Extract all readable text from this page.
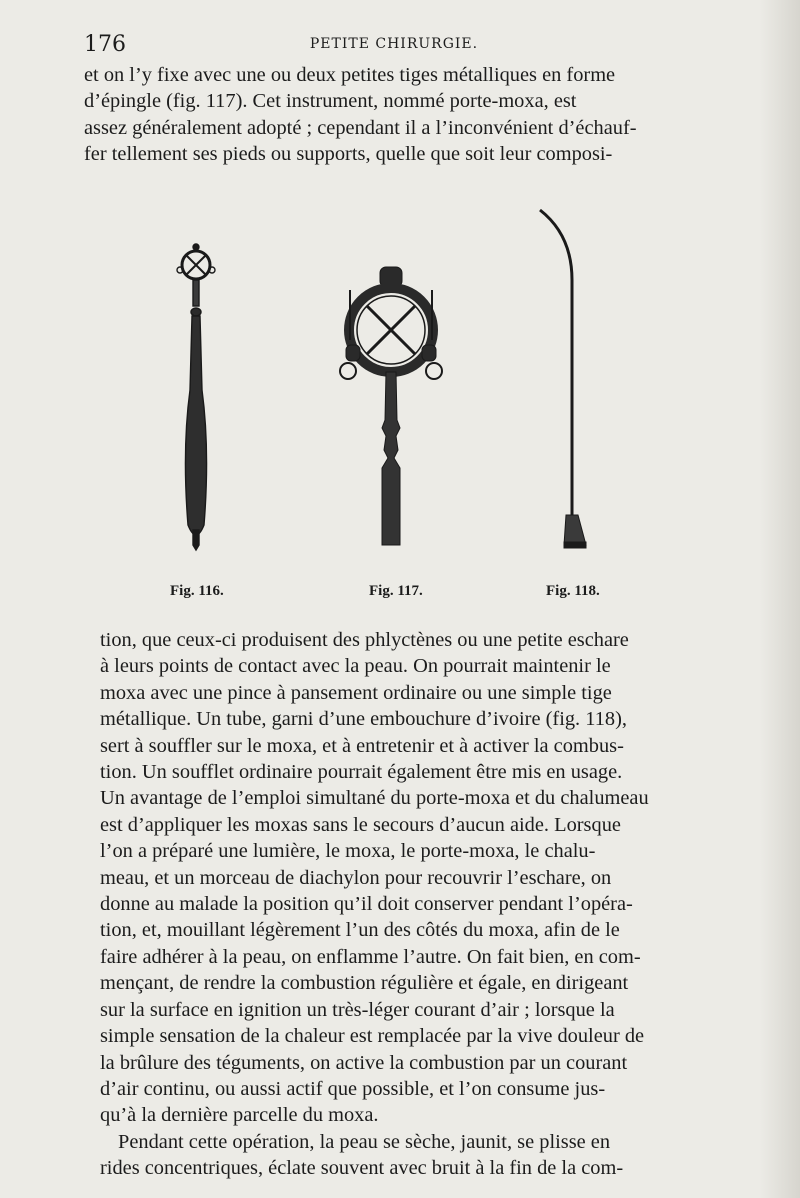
176	PETITE CHIRURGIE.

et on l’y fixe avec une ou deux petites tiges métalliques en forme
d’épingle (fig. 117). Cet instrument, nommé porte-moxa, est
assez généralement adopté ; cependant il a l’inconvénient d’échauf-
fer tellement ses pieds ou supports, quelle que soit leur composi-

Fig. 116.	Fig. 117.	Fig. 118.

tion, que ceux-ci produisent des phlyctènes ou une petite eschare
à leurs points de contact avec la peau. On pourrait maintenir le
moxa avec une pince à pansement ordinaire ou une simple tige
métallique. Un tube, garni d’une embouchure d’ivoire (fig. 118),
sert à souffler sur le moxa, et à entretenir et à activer la combus-
tion. Un soufflet ordinaire pourrait également être mis en usage.
Un avantage de l’emploi simultané du porte-moxa et du chalumeau
est d’appliquer les moxas sans le secours d’aucun aide. Lorsque
l’on a préparé une lumière, le moxa, le porte-moxa, le chalu-
meau, et un morceau de diachylon pour recouvrir l’eschare, on
donne au malade la position qu’il doit conserver pendant l’opéra-
tion, et, mouillant légèrement l’un des côtés du moxa, afin de le
faire adhérer à la peau, on enflamme l’autre. On fait bien, en com-
mençant, de rendre la combustion régulière et égale, en dirigeant
sur la surface en ignition un très-léger courant d’air ; lorsque la
simple sensation de la chaleur est remplacée par la vive douleur de
la brûlure des téguments, on active la combustion par un courant
d’air continu, ou aussi actif que possible, et l’on consume jus-
qu’à la dernière parcelle du moxa.
Pendant cette opération, la peau se sèche, jaunit, se plisse en
rides concentriques, éclate souvent avec bruit à la fin de la com-
